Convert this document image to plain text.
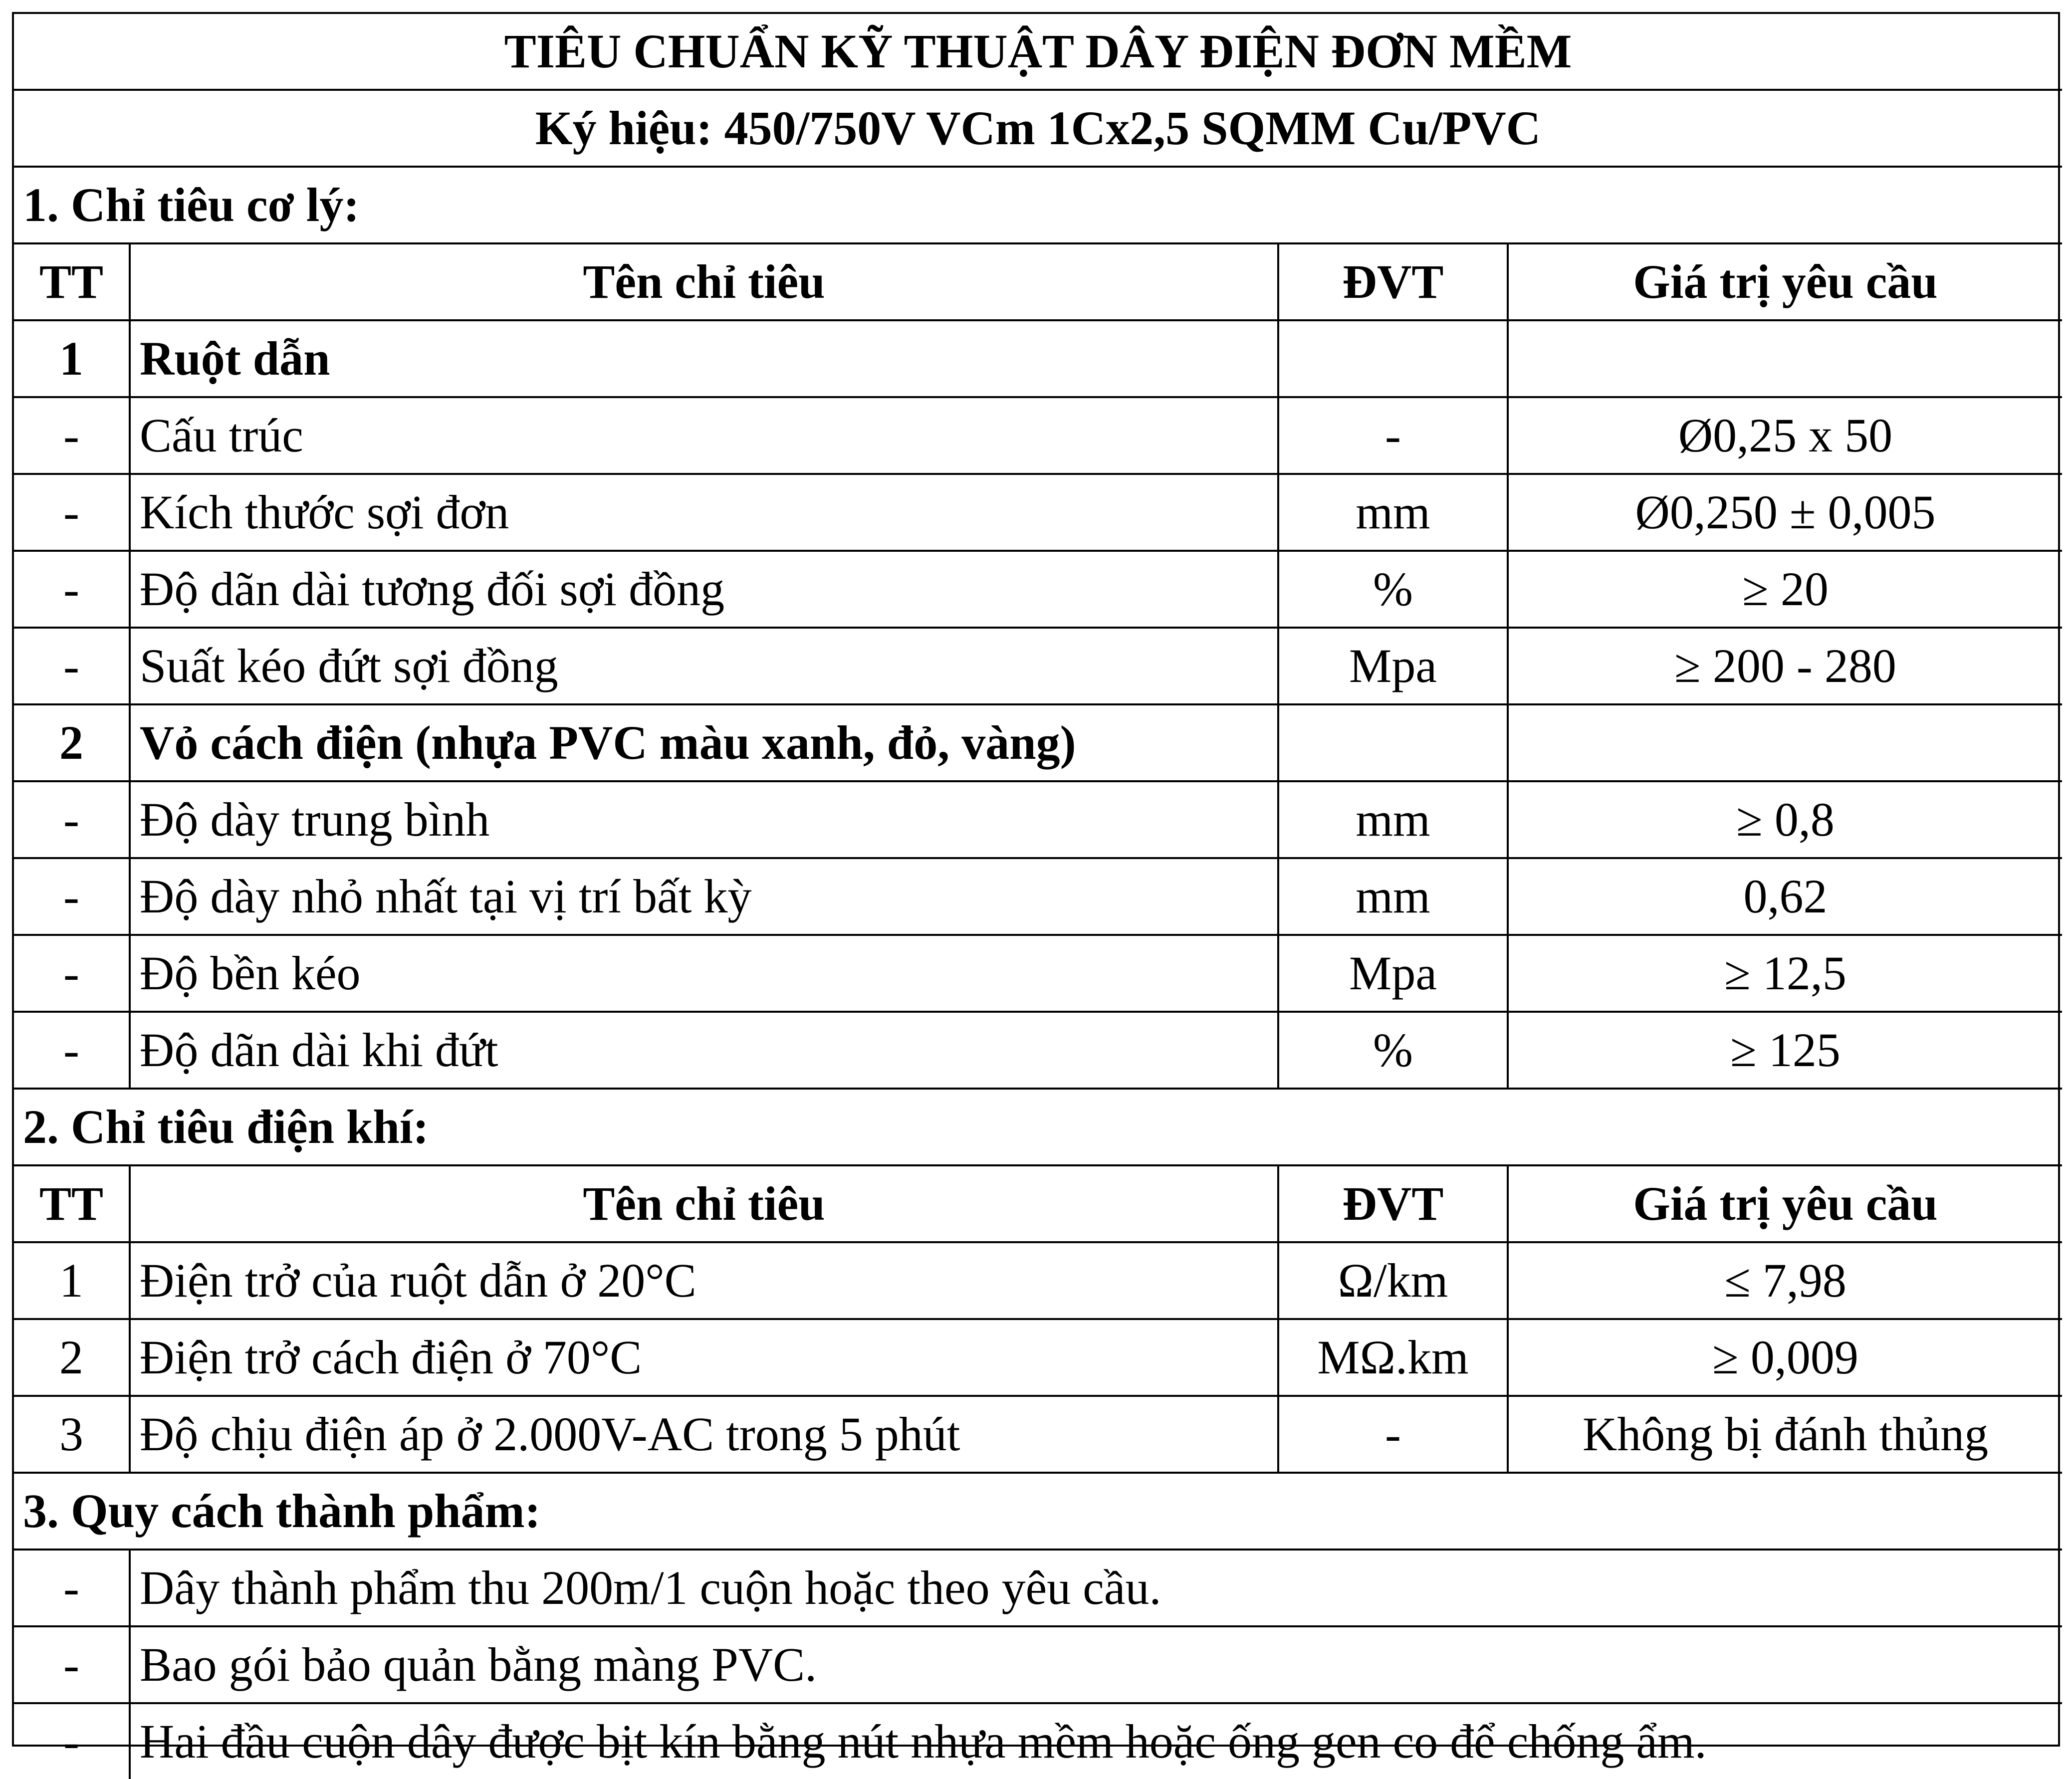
TIÊU CHUẨN KỸ THUẬT DÂY ĐIỆN ĐƠN MỀM			
Ký hiệu: 450/750V VCm 1Cx2,5 SQMM Cu/PVC			
1. Chỉ tiêu cơ lý:			
TT	Tên chỉ tiêu	ĐVT	Giá trị yêu cầu
1	Ruột dẫn		
-	Cấu trúc	-	Ø0,25 x 50
-	Kích thước sợi đơn	mm	Ø0,250 ± 0,005
-	Độ dãn dài tương đối sợi đồng	%	≥ 20
-	Suất kéo đứt sợi đồng	Mpa	≥ 200 - 280
2	Vỏ cách điện (nhựa PVC màu xanh, đỏ, vàng)		
-	Độ dày trung bình	mm	≥ 0,8
-	Độ dày nhỏ nhất tại vị trí bất kỳ	mm	0,62
-	Độ bền kéo	Mpa	≥ 12,5
-	Độ dãn dài khi đứt	%	≥ 125
2. Chỉ tiêu điện khí:			
TT	Tên chỉ tiêu	ĐVT	Giá trị yêu cầu
1	Điện trở của ruột dẫn ở 20°C	Ω/km	≤ 7,98
2	Điện trở cách điện ở 70°C	MΩ.km	≥ 0,009
3	Độ chịu điện áp ở 2.000V-AC trong 5 phút	-	Không bị đánh thủng
3. Quy cách thành phẩm:			
-	Dây thành phẩm thu 200m/1 cuộn hoặc theo yêu cầu.		
-	Bao gói bảo quản bằng màng PVC.		
-	Hai đầu cuộn dây được bịt kín bằng nút nhựa mềm hoặc ống gen co để chống ẩm.		
